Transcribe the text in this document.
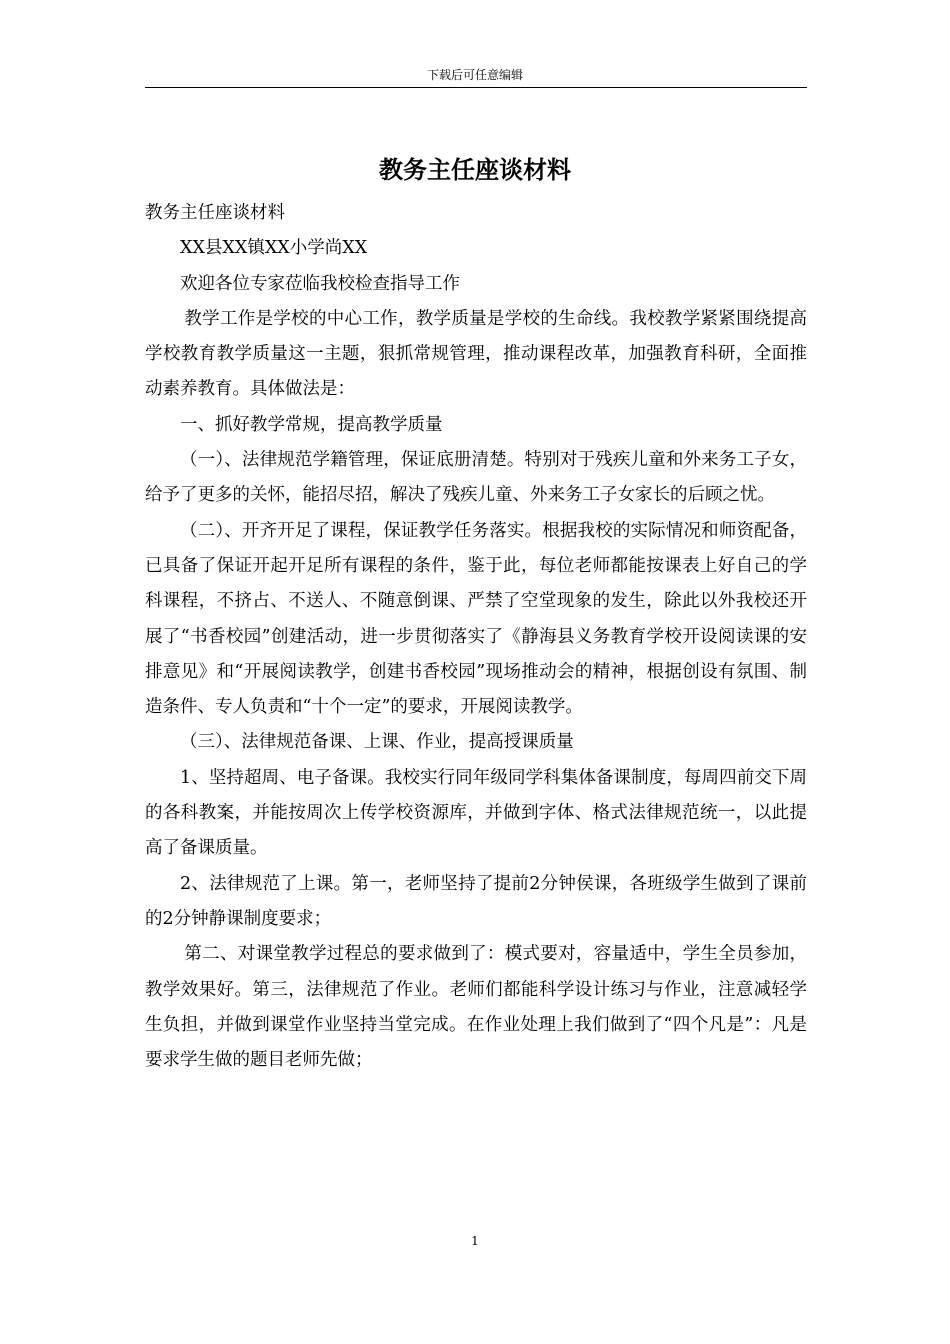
下载后可任意编辑
教务主任座谈材料

教务主任座谈材料

XX县XX镇XX小学尚XX

欢迎各位专家莅临我校检查指导工作

教学工作是学校的中心工作，教学质量是学校的生命线。我校教学紧紧围绕提高学校教育教学质量这一主题，狠抓常规管理，推动课程改革，加强教育科研，全面推动素养教育。具体做法是：

一、抓好教学常规，提高教学质量

（一）、法律规范学籍管理，保证底册清楚。特别对于残疾儿童和外来务工子女，给予了更多的关怀，能招尽招，解决了残疾儿童、外来务工子女家长的后顾之忧。

（二）、开齐开足了课程，保证教学任务落实。根据我校的实际情况和师资配备，已具备了保证开起开足所有课程的条件，鉴于此，每位老师都能按课表上好自己的学科课程，不挤占、不送人、不随意倒课、严禁了空堂现象的发生，除此以外我校还开展了“书香校园”创建活动，进一步贯彻落实了《静海县义务教育学校开设阅读课的安排意见》和“开展阅读教学，创建书香校园”现场推动会的精神，根据创设有氛围、制造条件、专人负责和“十个一定”的要求，开展阅读教学。

（三）、法律规范备课、上课、作业，提高授课质量

1、坚持超周、电子备课。我校实行同年级同学科集体备课制度，每周四前交下周的各科教案，并能按周次上传学校资源库，并做到字体、格式法律规范统一，以此提高了备课质量。

2、法律规范了上课。第一，老师坚持了提前2分钟侯课，各班级学生做到了课前的2分钟静课制度要求；

第二、对课堂教学过程总的要求做到了：模式要对，容量适中，学生全员参加，教学效果好。第三，法律规范了作业。老师们都能科学设计练习与作业，注意减轻学生负担，并做到课堂作业坚持当堂完成。在作业处理上我们做到了“四个凡是”：凡是要求学生做的题目老师先做；

1
